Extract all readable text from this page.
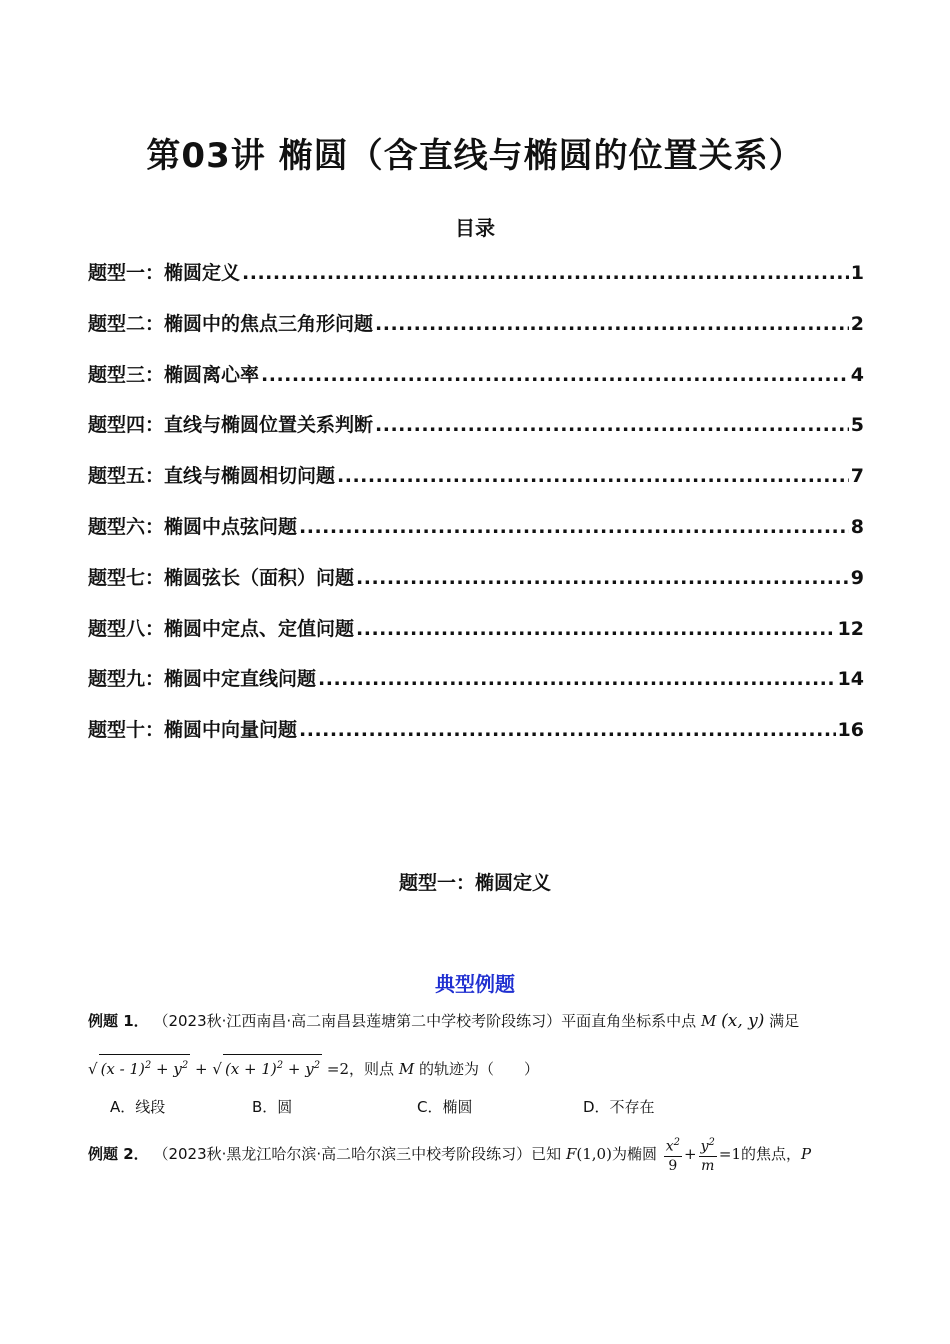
第03讲 椭圆（含直线与椭圆的位置关系）
目录
题型一：椭圆定义 .....	1
题型二：椭圆中的焦点三角形问题 .....	2
题型三：椭圆离心率 .....	4
题型四：直线与椭圆位置关系判断 .....	5
题型五：直线与椭圆相切问题 .....	7
题型六：椭圆中点弦问题 .....	8
题型七：椭圆弦长（面积）问题 .....	9
题型八：椭圆中定点、定值问题 .....	12
题型九：椭圆中定直线问题 .....	14
题型十：椭圆中向量问题 .....	16
题型一：椭圆定义
典型例题
例题 1． （2023秋·江西南昌·高二南昌县莲塘第二中学校考阶段练习）平面直角坐标系中点 M (x, y) 满足
√ $(x - 1)^2 + y^2$ + √ $(x + 1)^2 + y^2 =2$，则点 M 的轨迹为（　　）
A．线段	B．圆	C．椭圆	D．不存在
例题 2． （2023秋·黑龙江哈尔滨·高二哈尔滨三中校考阶段练习）已知 F(1,0)为椭圆 $\frac{x^2}{9} + \frac{y^2}{m} =1$的焦点，P
